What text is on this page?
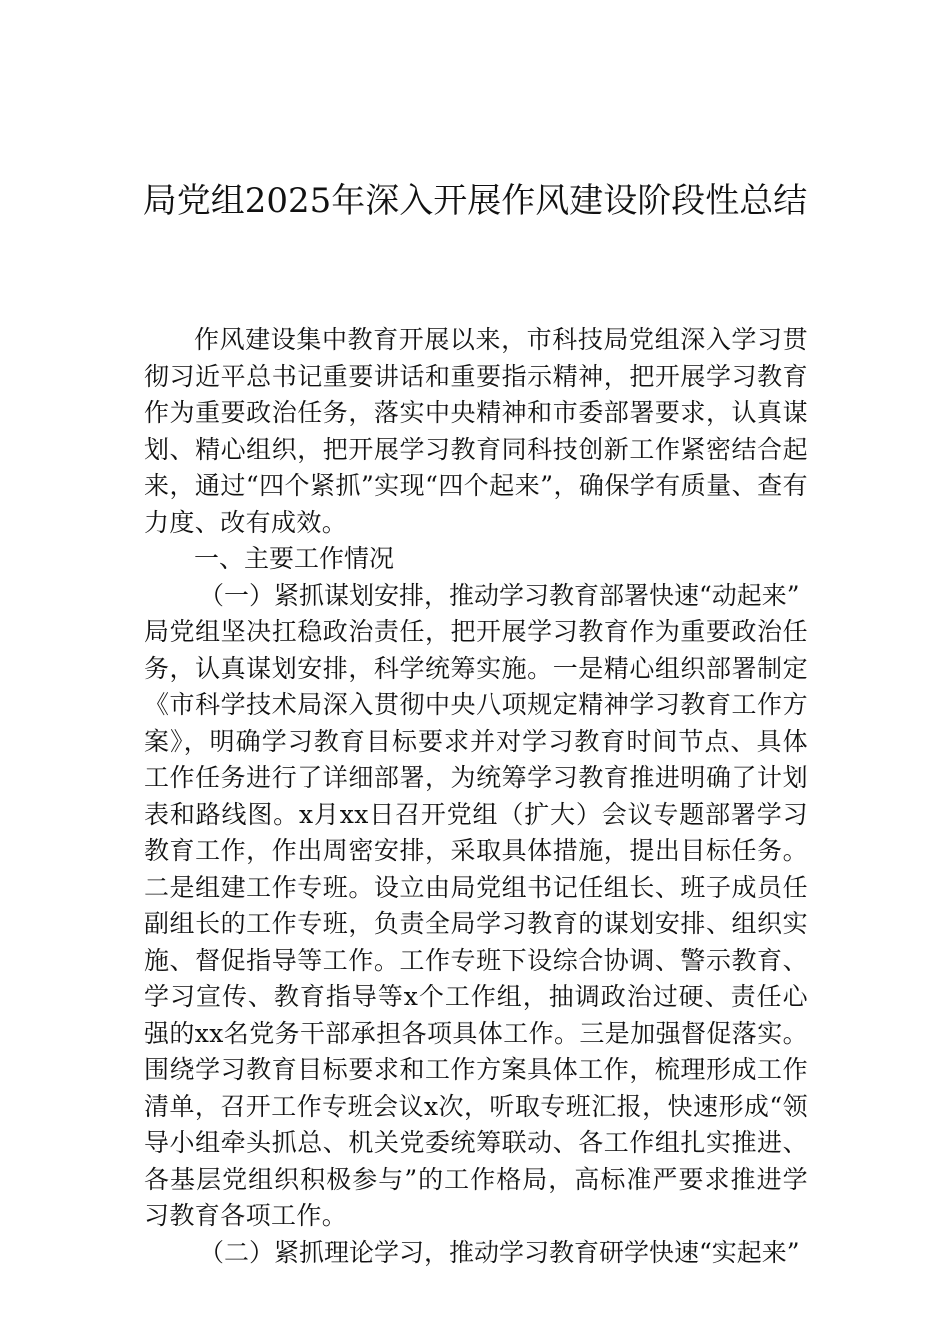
局党组2025年深入开展作风建设阶段性总结

作风建设集中教育开展以来，市科技局党组深入学习贯彻习近平总书记重要讲话和重要指示精神，把开展学习教育作为重要政治任务，落实中央精神和市委部署要求，认真谋划、精心组织，把开展学习教育同科技创新工作紧密结合起来，通过“四个紧抓”实现“四个起来”，确保学有质量、查有力度、改有成效。

一、主要工作情况

（一）紧抓谋划安排，推动学习教育部署快速“动起来”

局党组坚决扛稳政治责任，把开展学习教育作为重要政治任务，认真谋划安排，科学统筹实施。一是精心组织部署制定《市科学技术局深入贯彻中央八项规定精神学习教育工作方案》，明确学习教育目标要求并对学习教育时间节点、具体工作任务进行了详细部署，为统筹学习教育推进明确了计划表和路线图。x月xx日召开党组（扩大）会议专题部署学习教育工作，作出周密安排，采取具体措施，提出目标任务。二是组建工作专班。设立由局党组书记任组长、班子成员任副组长的工作专班，负责全局学习教育的谋划安排、组织实施、督促指导等工作。工作专班下设综合协调、警示教育、学习宣传、教育指导等x个工作组，抽调政治过硬、责任心强的xx名党务干部承担各项具体工作。三是加强督促落实。围绕学习教育目标要求和工作方案具体工作，梳理形成工作清单，召开工作专班会议x次，听取专班汇报，快速形成“领导小组牵头抓总、机关党委统筹联动、各工作组扎实推进、各基层党组织积极参与”的工作格局，高标准严要求推进学习教育各项工作。

（二）紧抓理论学习，推动学习教育研学快速“实起来”
